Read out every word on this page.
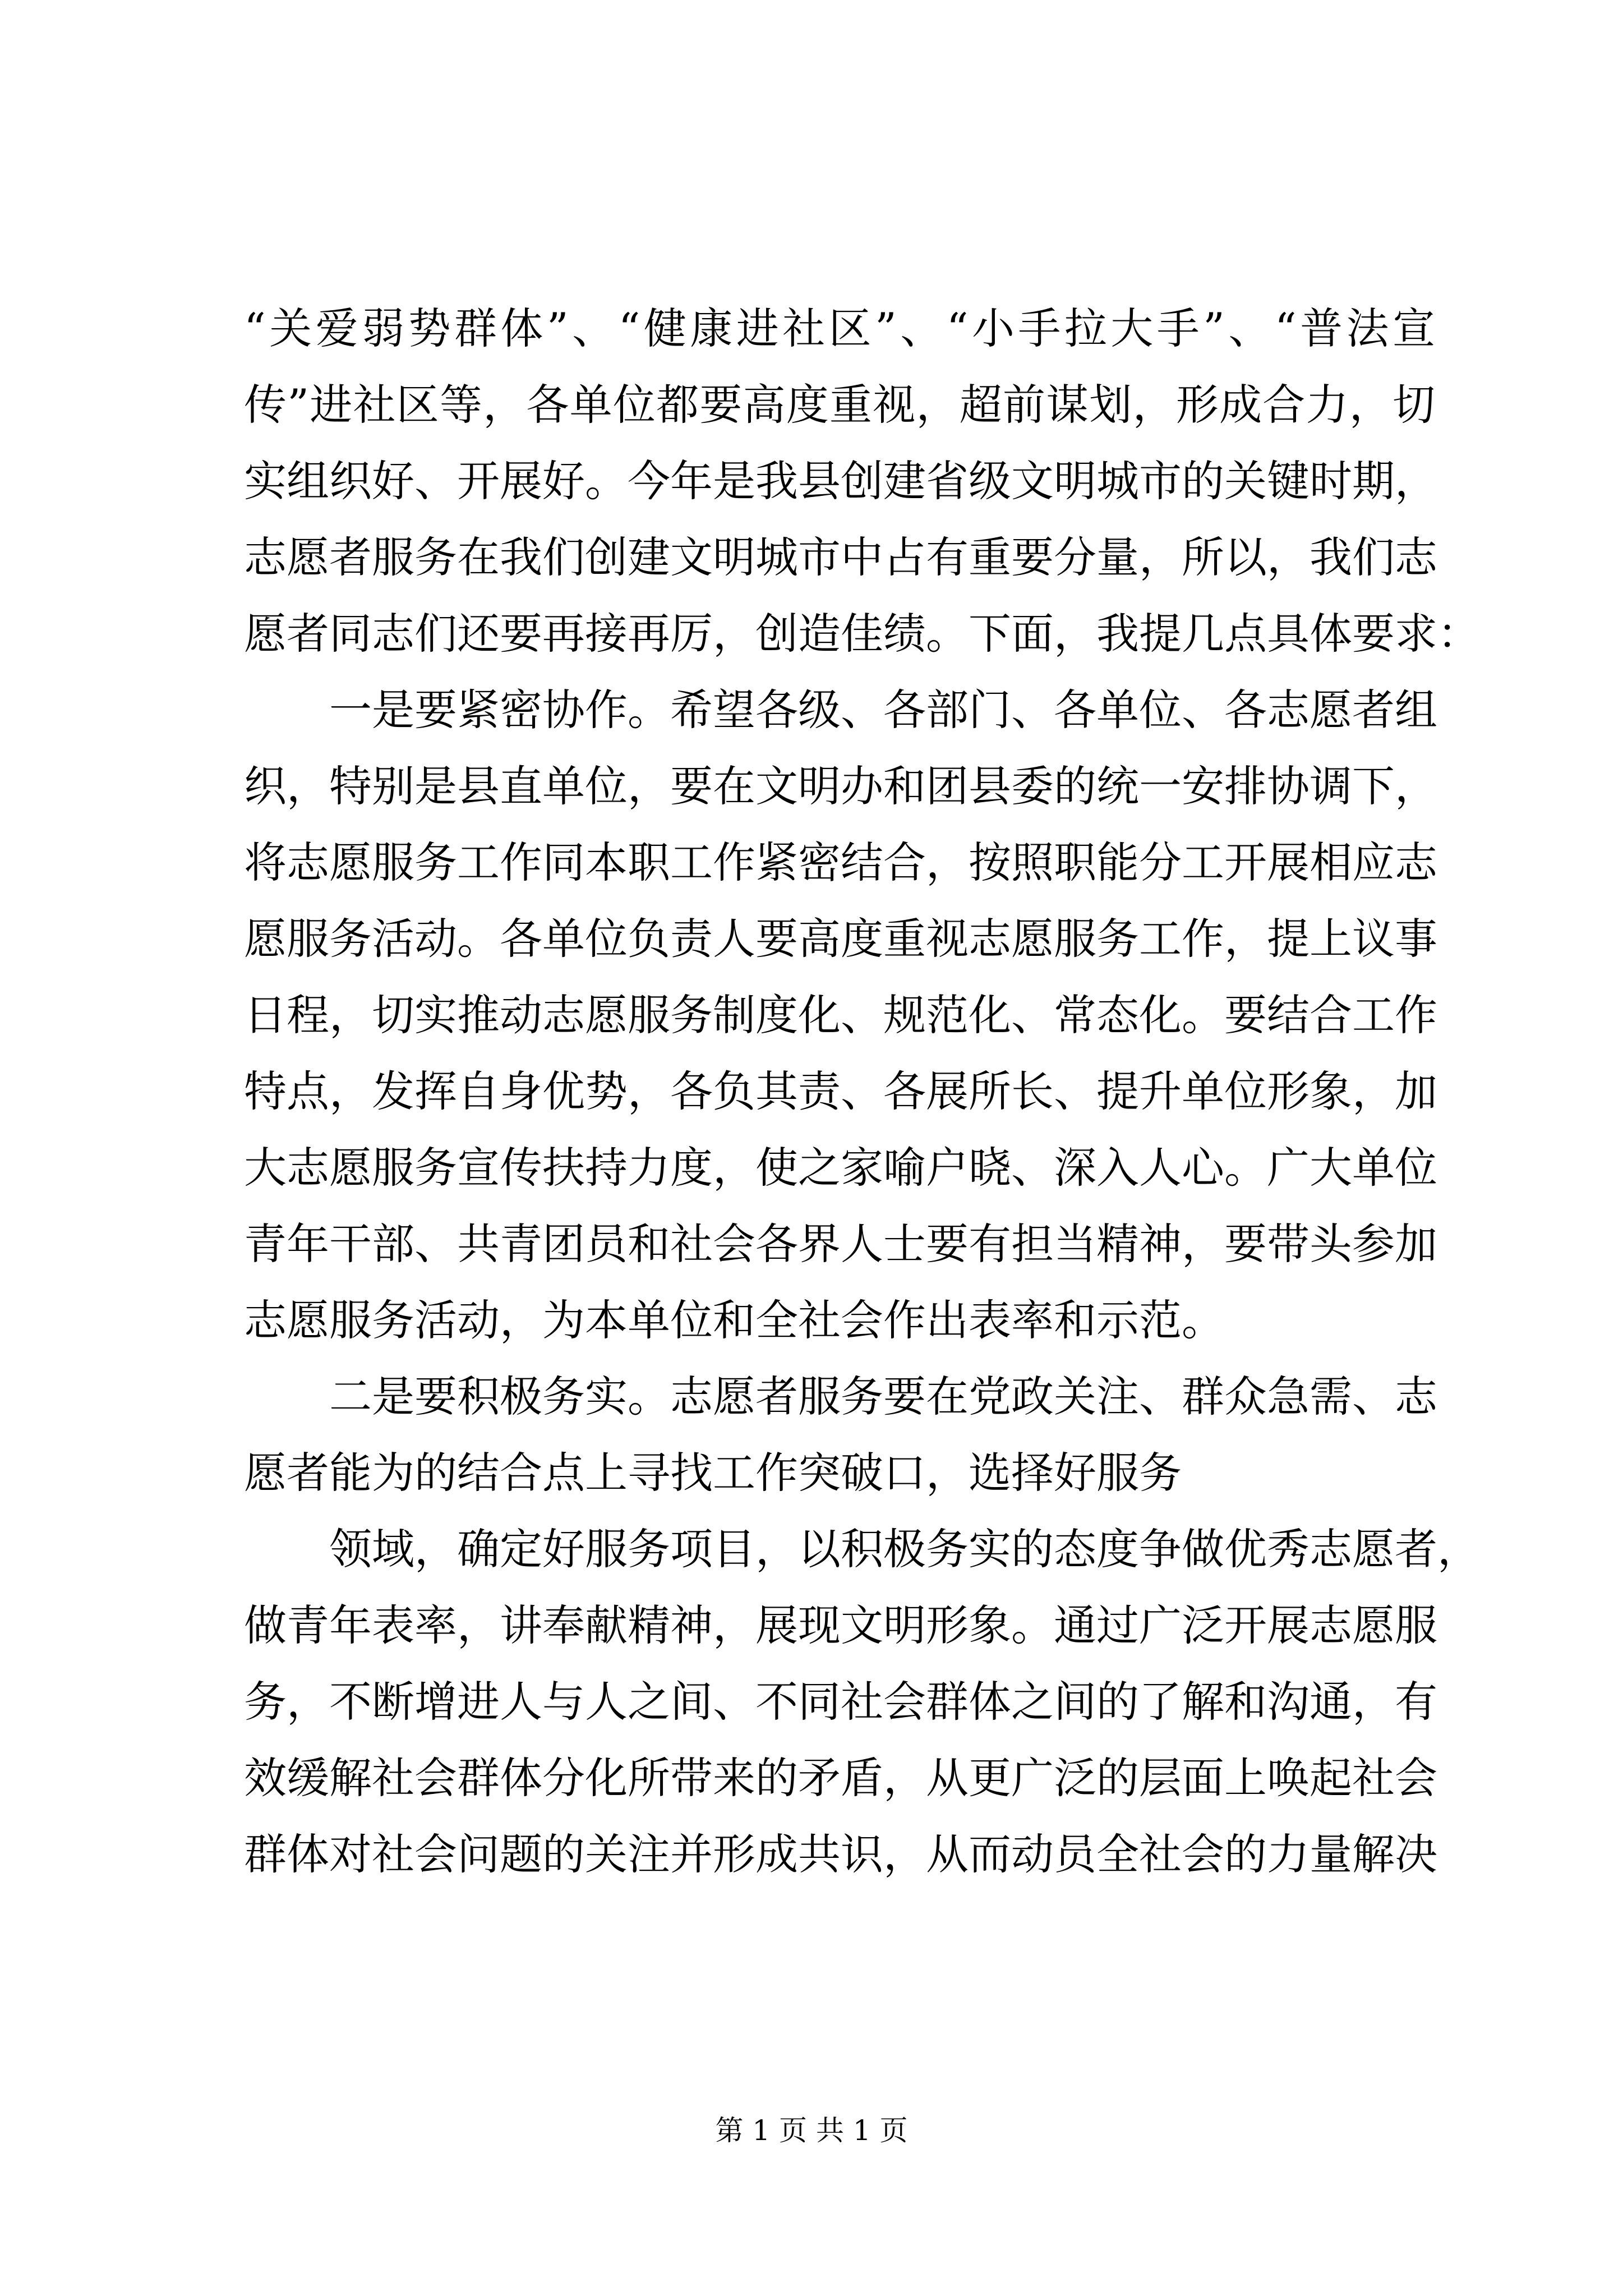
“关爱弱势群体”、“健康进社区”、“小手拉大手”、“普法宣
传”进社区等，各单位都要高度重视，超前谋划，形成合力，切
实组织好、开展好。今年是我县创建省级文明城市的关键时期，
志愿者服务在我们创建文明城市中占有重要分量，所以，我们志
愿者同志们还要再接再厉，创造佳绩。下面，我提几点具体要求：
一是要紧密协作。希望各级、各部门、各单位、各志愿者组
织，特别是县直单位，要在文明办和团县委的统一安排协调下，
将志愿服务工作同本职工作紧密结合，按照职能分工开展相应志
愿服务活动。各单位负责人要高度重视志愿服务工作，提上议事
日程，切实推动志愿服务制度化、规范化、常态化。要结合工作
特点，发挥自身优势，各负其责、各展所长、提升单位形象，加
大志愿服务宣传扶持力度，使之家喻户晓、深入人心。广大单位
青年干部、共青团员和社会各界人士要有担当精神，要带头参加
志愿服务活动，为本单位和全社会作出表率和示范。
二是要积极务实。志愿者服务要在党政关注、群众急需、志
愿者能为的结合点上寻找工作突破口，选择好服务
领域，确定好服务项目，以积极务实的态度争做优秀志愿者，
做青年表率，讲奉献精神，展现文明形象。通过广泛开展志愿服
务，不断增进人与人之间、不同社会群体之间的了解和沟通，有
效缓解社会群体分化所带来的矛盾，从更广泛的层面上唤起社会
群体对社会问题的关注并形成共识，从而动员全社会的力量解决
第 1 页 共 1 页
